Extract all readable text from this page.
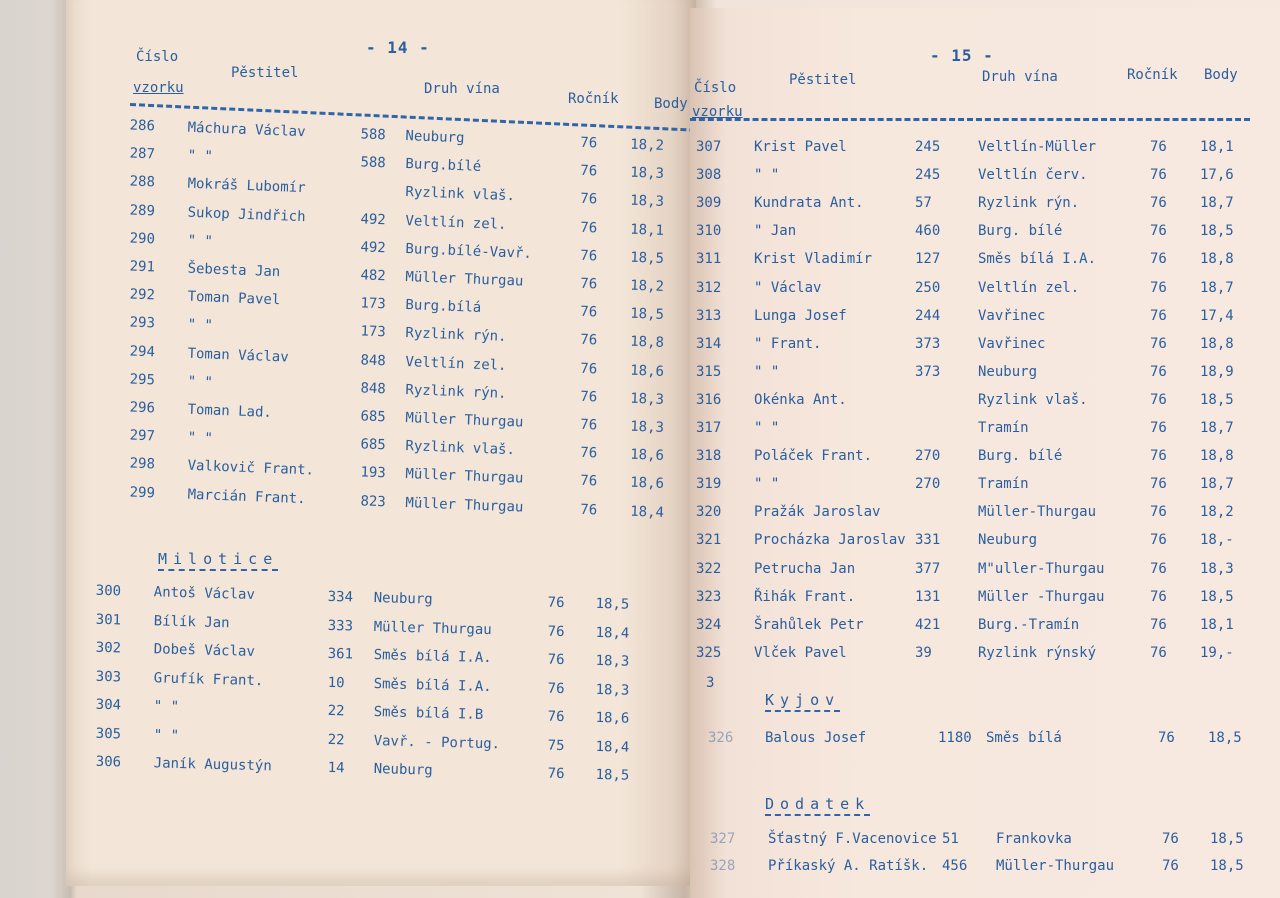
- 14 -
Číslo
vzorku
Pěstitel
Druh vína
Ročník	Body
286 Máchura Václav	588 Neuburg	76 18,2
287 " "	588 Burg.bílé	76 18,3
288 Mokráš Lubomír	Ryzlink vlaš.	76 18,3
289 Sukop Jindřich	492 Veltlín zel.	76 18,1
290 " "	492 Burg.bílé-Vavř.	76 18,5
291 Šebesta Jan	482 Müller Thurgau	76 18,2
292 Toman Pavel	173 Burg.bílá	76 18,5
293 " "	173 Ryzlink rýn.	76 18,8
294 Toman Václav	848 Veltlín zel.	76 18,6
295 " "	848 Ryzlink rýn.	76 18,3
296 Toman Lad.	685 Müller Thurgau	76 18,3
297 " "	685 Ryzlink vlaš.	76 18,6
298 Valkovič Frant.	193 Müller Thurgau	76 18,6
299 Marcián Frant.	823 Müller Thurgau	76 18,4
Milotice
300 Antoš Václav	334 Neuburg	76 18,5
301 Bílík Jan	333 Müller Thurgau	76 18,4
302 Dobeš Václav	361 Směs bílá I.A.	76 18,3
303 Grufík Frant.	10 Směs bílá I.A.	76 18,3
304 " "	22 Směs bílá I.B	76 18,6
305 " "	22 Vavř. - Portug.	75 18,4
306 Janík Augustýn	14 Neuburg	76 18,5
- 15 -
Číslo
vzorku
Pěstitel	Druh vína	Ročník Body
307 Krist Pavel	245	Veltlín-Müller	76 18,1
308 " "	245	Veltlín červ.	76 17,6
309 Kundrata Ant.	57	Ryzlink rýn.	76 18,7
310 " Jan	460	Burg. bílé	76 18,5
311 Krist Vladimír	127	Směs bílá I.A.	76 18,8
312 " Václav	250	Veltlín zel.	76 18,7
313 Lunga Josef	244	Vavřinec	76 17,4
314 " Frant.	373	Vavřinec	76 18,8
315 " "	373	Neuburg	76 18,9
316 Okénka Ant.	Ryzlink vlaš.	76 18,5
317 " "	Tramín	76 18,7
318 Poláček Frant.	270	Burg. bílé	76 18,8
319 " "	270	Tramín	76 18,7
320 Pražák Jaroslav	Müller-Thurgau	76 18,2
321 Procházka Jaroslav 331	Neuburg	76 18,-
322 Petrucha Jan	377	M"uller-Thurgau	76 18,3
323 Řihák Frant.	131	Müller -Thurgau	76 18,5
324 Šrahůlek Petr	421	Burg.-Tramín	76 18,1
325 Vlček Pavel	39	Ryzlink rýnský	76 19,-
3
Kyjov
326 Balous Josef	1180 Směs bílá	76 18,5
Dodatek
327 Šťastný F.Vacenovice 51	Frankovka	76 18,5
328 Příkaský A. Ratíšk. 456 Müller-Thurgau	76 18,5
